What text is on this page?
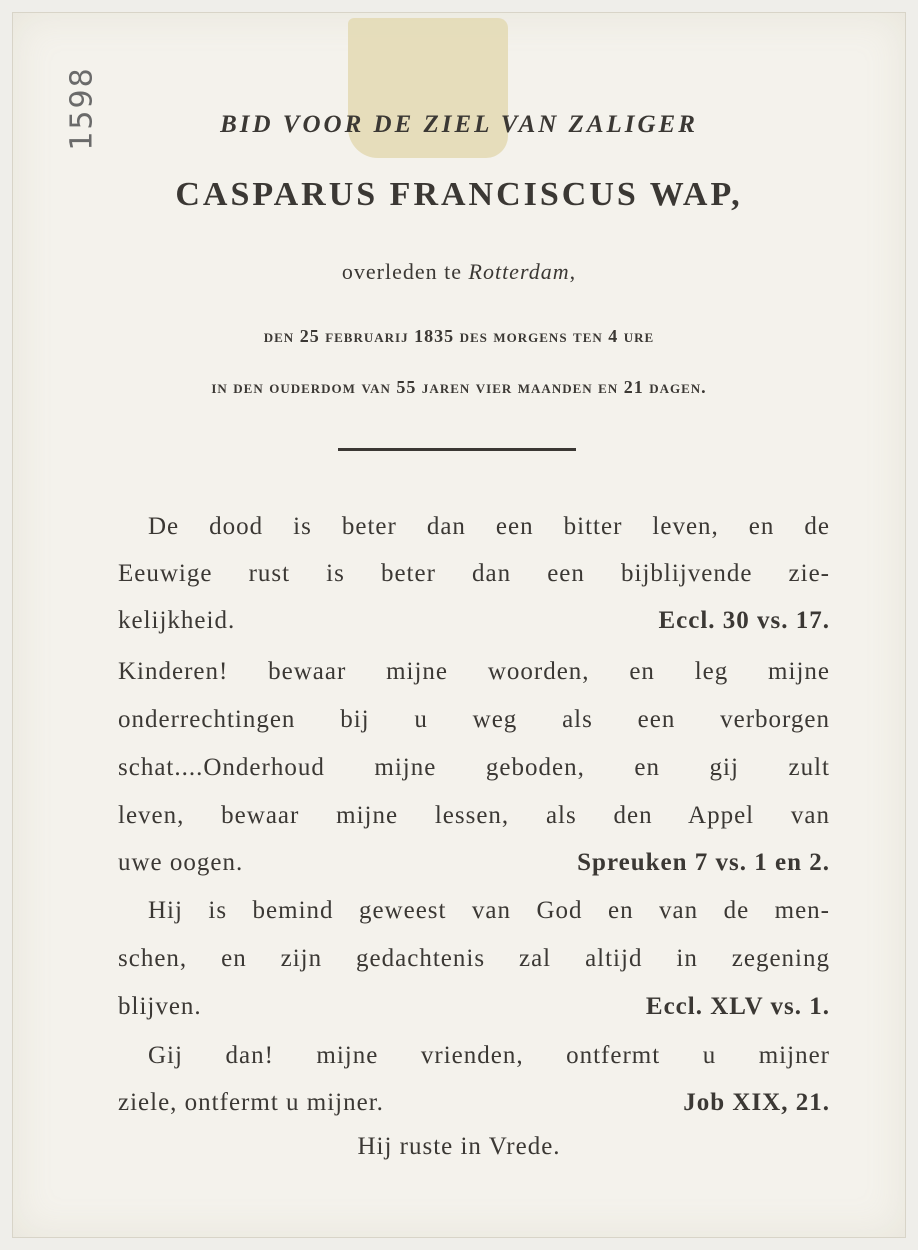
1598	BID VOOR DE ZIEL VAN ZALIGER
CASPARUS FRANCISCUS WAP,
overleden te Rotterdam,
den 25 februarij 1835 des morgens ten 4 ure
in den ouderdom van 55 jaren vier maanden en 21 dagen.
De dood is beter dan een bitter leven, en de
Eeuwige rust is beter dan een bijblijvende zie-
kelijkheid.	Eccl. 30 vs. 17.
Kinderen! bewaar mijne woorden, en leg mijne
onderrechtingen bij u weg als een verborgen
schat....Onderhoud mijne geboden, en gij zult
leven, bewaar mijne lessen, als den Appel van
uwe oogen.	Spreuken 7 vs. 1 en 2.
Hij is bemind geweest van God en van de men-
schen, en zijn gedachtenis zal altijd in zegening
blijven.	Eccl. XLV vs. 1.
Gij dan! mijne vrienden, ontfermt u mijner
ziele, ontfermt u mijner.	Job XIX, 21.
Hij ruste in Vrede.
